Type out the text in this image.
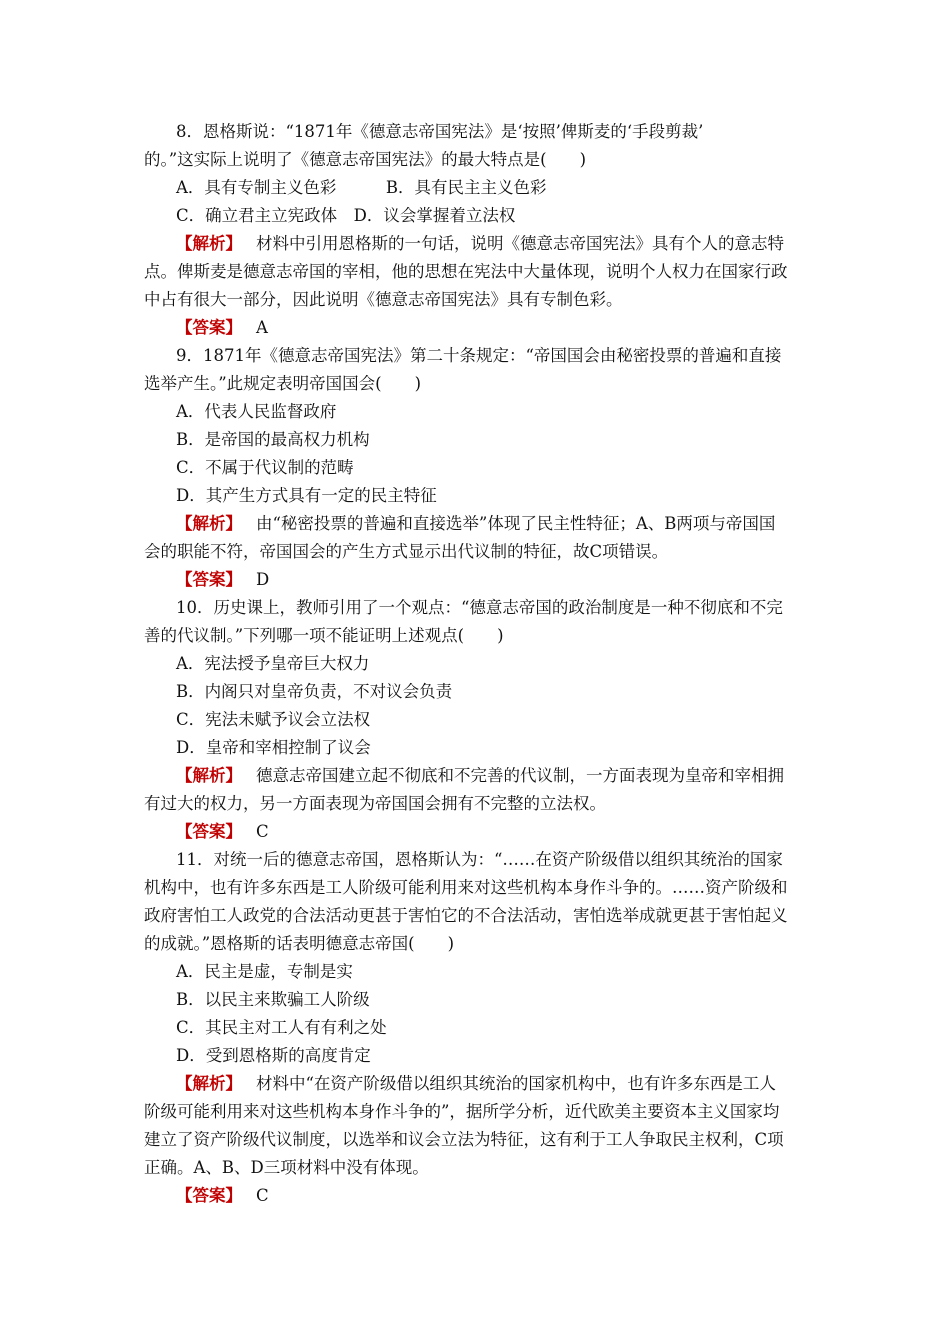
8．恩格斯说：“1871年《德意志帝国宪法》是‘按照’俾斯麦的‘手段剪裁’
的。”这实际上说明了《德意志帝国宪法》的最大特点是(　　)
A．具有专制主义色彩　　　B．具有民主主义色彩
C．确立君主立宪政体　D．议会掌握着立法权
【解析】 材料中引用恩格斯的一句话，说明《德意志帝国宪法》具有个人的意志特
点。俾斯麦是德意志帝国的宰相，他的思想在宪法中大量体现，说明个人权力在国家行政
中占有很大一部分，因此说明《德意志帝国宪法》具有专制色彩。
【答案】 A
9．1871年《德意志帝国宪法》第二十条规定：“帝国国会由秘密投票的普遍和直接
选举产生。”此规定表明帝国国会(　　)
A．代表人民监督政府
B．是帝国的最高权力机构
C．不属于代议制的范畴
D．其产生方式具有一定的民主特征
【解析】 由“秘密投票的普遍和直接选举”体现了民主性特征；A、B两项与帝国国
会的职能不符，帝国国会的产生方式显示出代议制的特征，故C项错误。
【答案】 D
10．历史课上，教师引用了一个观点：“德意志帝国的政治制度是一种不彻底和不完
善的代议制。”下列哪一项不能证明上述观点(　　)
A．宪法授予皇帝巨大权力
B．内阁只对皇帝负责，不对议会负责
C．宪法未赋予议会立法权
D．皇帝和宰相控制了议会
【解析】 德意志帝国建立起不彻底和不完善的代议制，一方面表现为皇帝和宰相拥
有过大的权力，另一方面表现为帝国国会拥有不完整的立法权。
【答案】 C
11．对统一后的德意志帝国，恩格斯认为：“……在资产阶级借以组织其统治的国家
机构中，也有许多东西是工人阶级可能利用来对这些机构本身作斗争的。……资产阶级和
政府害怕工人政党的合法活动更甚于害怕它的不合法活动，害怕选举成就更甚于害怕起义
的成就。”恩格斯的话表明德意志帝国(　　)
A．民主是虚，专制是实
B．以民主来欺骗工人阶级
C．其民主对工人有有利之处
D．受到恩格斯的高度肯定
【解析】 材料中“在资产阶级借以组织其统治的国家机构中，也有许多东西是工人
阶级可能利用来对这些机构本身作斗争的”，据所学分析，近代欧美主要资本主义国家均
建立了资产阶级代议制度，以选举和议会立法为特征，这有利于工人争取民主权利，C项
正确。A、B、D三项材料中没有体现。
【答案】 C
